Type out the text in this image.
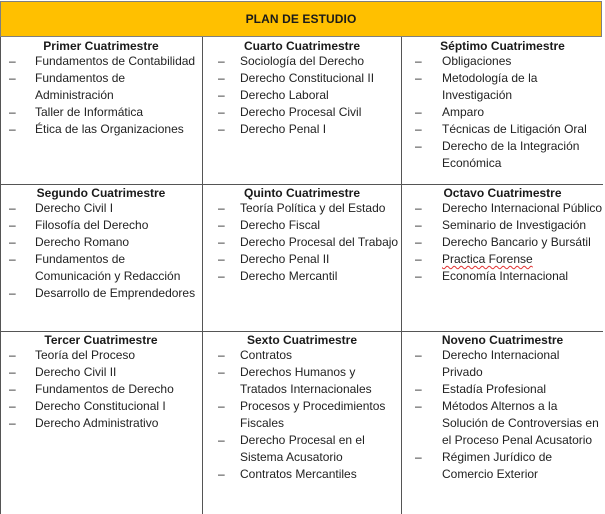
PLAN DE ESTUDIO
Primer Cuatrimestre
– Fundamentos de Contabilidad
– Fundamentos de Administración
– Taller de Informática
– Ética de las Organizaciones
Cuarto Cuatrimestre
– Sociología del Derecho
– Derecho Constitucional II
– Derecho Laboral
– Derecho Procesal Civil
– Derecho Penal I
Séptimo Cuatrimestre
– Obligaciones
– Metodología de la Investigación
– Amparo
– Técnicas de Litigación Oral
– Derecho de la Integración Económica
Segundo Cuatrimestre
– Derecho Civil I
– Filosofía del Derecho
– Derecho Romano
– Fundamentos de Comunicación y Redacción
– Desarrollo de Emprendedores
Quinto Cuatrimestre
– Teoría Política y del Estado
– Derecho Fiscal
– Derecho Procesal del Trabajo
– Derecho Penal II
– Derecho Mercantil
Octavo Cuatrimestre
– Derecho Internacional Público
– Seminario de Investigación
– Derecho Bancario y Bursátil
– Practica Forense
– Economía Internacional
Tercer Cuatrimestre
– Teoría del Proceso
– Derecho Civil II
– Fundamentos de Derecho
– Derecho Constitucional I
– Derecho Administrativo
Sexto Cuatrimestre
– Contratos
– Derechos Humanos y Tratados Internacionales
– Procesos y Procedimientos Fiscales
– Derecho Procesal en el Sistema Acusatorio
– Contratos Mercantiles
Noveno Cuatrimestre
– Derecho Internacional Privado
– Estadía Profesional
– Métodos Alternos a la Solución de Controversias en el Proceso Penal Acusatorio
– Régimen Jurídico de Comercio Exterior
